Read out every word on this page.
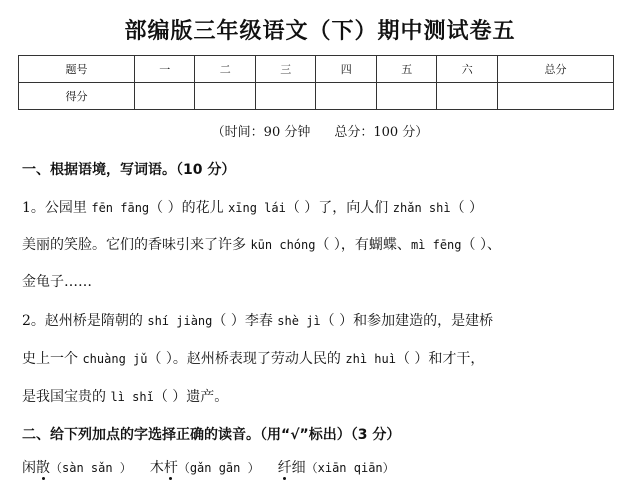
部编版三年级语文（下）期中测试卷五
题号	一	二	三	四	五	六	总分
得分							
（时间：90 分钟 总分：100 分）
一、根据语境，写词语。（10 分）
1。公园里 fēn fāng（ ）的花儿 xīng lái（ ）了，向人们 zhǎn shì（ ）
美丽的笑脸。它们的香味引来了许多 kūn chóng（ ），有蝴蝶、mì fēng（ ）、
金龟子……
2。赵州桥是隋朝的 shí jiàng（ ）李春 shè jì（ ）和参加建造的，是建桥
史上一个 chuàng jǔ（ ）。赵州桥表现了劳动人民的 zhì huì（ ）和才干，
是我国宝贵的 lì shǐ（ ）遗产。
二、给下列加点的字选择正确的读音。（用“√”标出）（3 分）
闲散（sàn sǎn ） 木杆（gǎn gān ） 纤细（xiān qiān）
